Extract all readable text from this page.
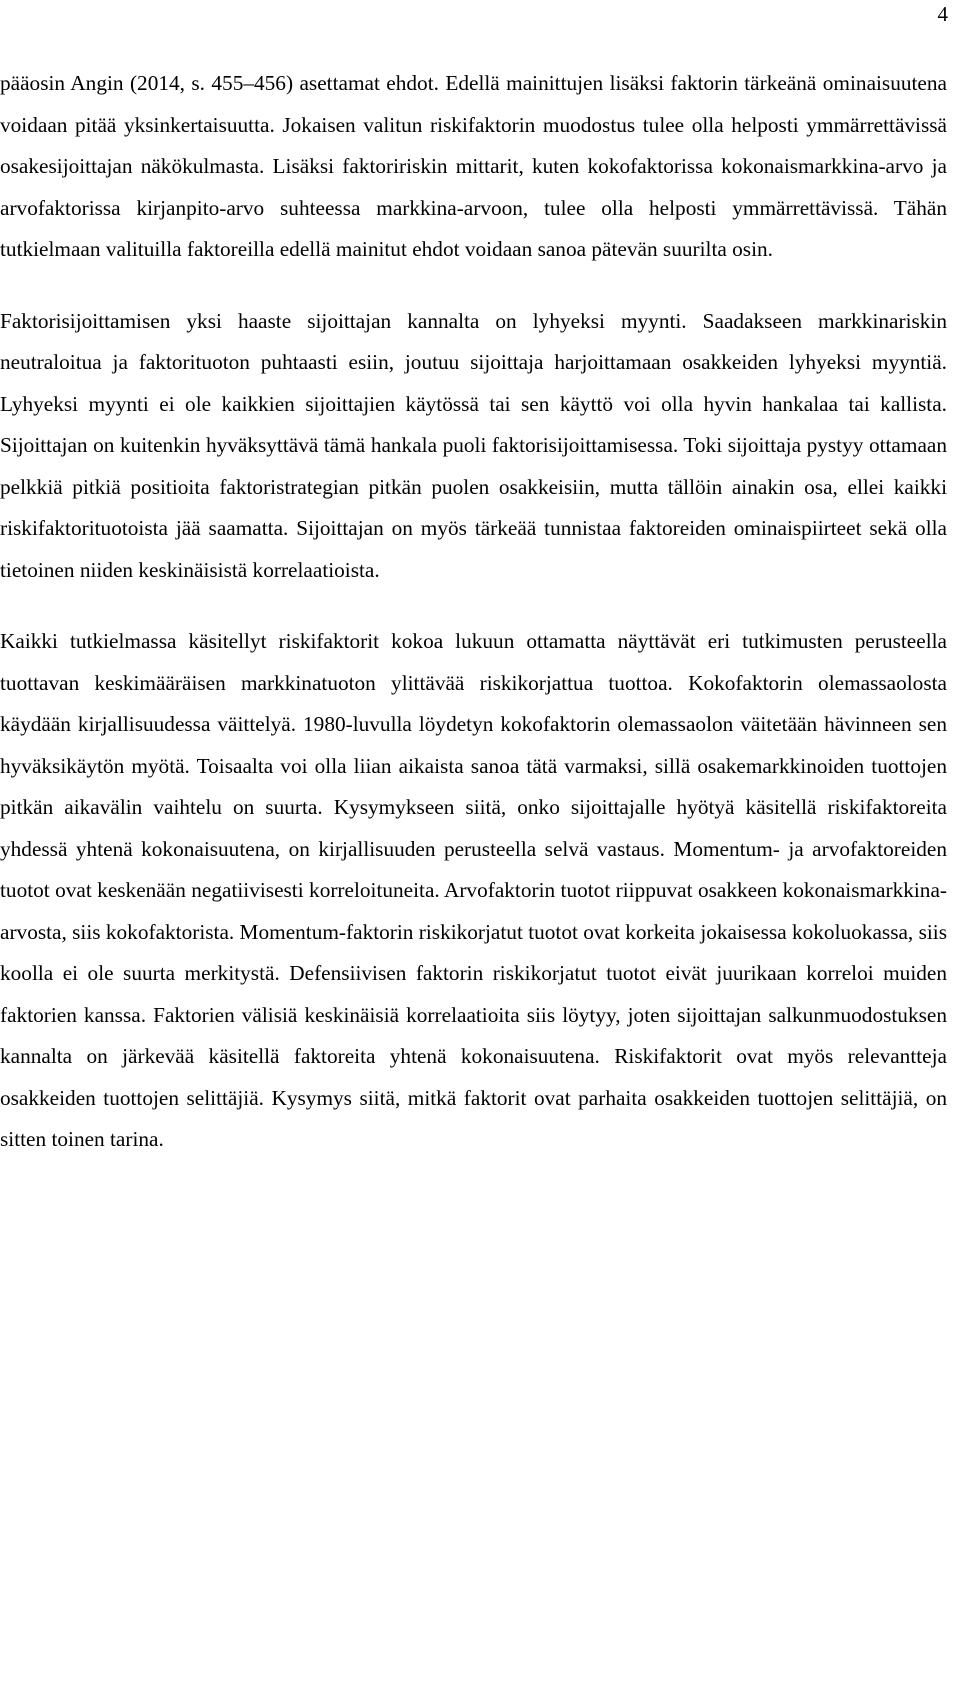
4

pääosin Angin (2014, s. 455–456) asettamat ehdot. Edellä mainittujen lisäksi faktorin tärkeänä ominaisuutena voidaan pitää yksinkertaisuutta. Jokaisen valitun riskifaktorin muodostus tulee olla helposti ymmärrettävissä osakesijoittajan näkökulmasta. Lisäksi faktoririskin mittarit, kuten kokofaktorissa kokonaismarkkina-arvo ja arvofaktorissa kirjanpito-arvo suhteessa markkina-arvoon, tulee olla helposti ymmärrettävissä. Tähän tutkielmaan valituilla faktoreilla edellä mainitut ehdot voidaan sanoa pätevän suurilta osin.

Faktorisijoittamisen yksi haaste sijoittajan kannalta on lyhyeksi myynti. Saadakseen markkinariskin neutraloitua ja faktorituoton puhtaasti esiin, joutuu sijoittaja harjoittamaan osakkeiden lyhyeksi myyntiä. Lyhyeksi myynti ei ole kaikkien sijoittajien käytössä tai sen käyttö voi olla hyvin hankalaa tai kallista. Sijoittajan on kuitenkin hyväksyttävä tämä hankala puoli faktorisijoittamisessa. Toki sijoittaja pystyy ottamaan pelkkiä pitkiä positioita faktoristrategian pitkän puolen osakkeisiin, mutta tällöin ainakin osa, ellei kaikki riskifaktorituotoista jää saamatta. Sijoittajan on myös tärkeää tunnistaa faktoreiden ominaispiirteet sekä olla tietoinen niiden keskinäisistä korrelaatioista.

Kaikki tutkielmassa käsitellyt riskifaktorit kokoa lukuun ottamatta näyttävät eri tutkimusten perusteella tuottavan keskimääräisen markkinatuoton ylittävää riskikorjattua tuottoa. Kokofaktorin olemassaolosta käydään kirjallisuudessa väittelyä. 1980-luvulla löydetyn kokofaktorin olemassaolon väitetään hävinneen sen hyväksikäytön myötä. Toisaalta voi olla liian aikaista sanoa tätä varmaksi, sillä osakemarkkinoiden tuottojen pitkän aikavälin vaihtelu on suurta. Kysymykseen siitä, onko sijoittajalle hyötyä käsitellä riskifaktoreita yhdessä yhtenä kokonaisuutena, on kirjallisuuden perusteella selvä vastaus. Momentum- ja arvofaktoreiden tuotot ovat keskenään negatiivisesti korreloituneita. Arvofaktorin tuotot riippuvat osakkeen kokonaismarkkina-arvosta, siis kokofaktorista. Momentum-faktorin riskikorjatut tuotot ovat korkeita jokaisessa kokoluokassa, siis koolla ei ole suurta merkitystä. Defensiivisen faktorin riskikorjatut tuotot eivät juurikaan korreloi muiden faktorien kanssa. Faktorien välisiä keskinäisiä korrelaatioita siis löytyy, joten sijoittajan salkunmuodostuksen kannalta on järkevää käsitellä faktoreita yhtenä kokonaisuutena. Riskifaktorit ovat myös relevantteja osakkeiden tuottojen selittäjiä. Kysymys siitä, mitkä faktorit ovat parhaita osakkeiden tuottojen selittäjiä, on sitten toinen tarina.
